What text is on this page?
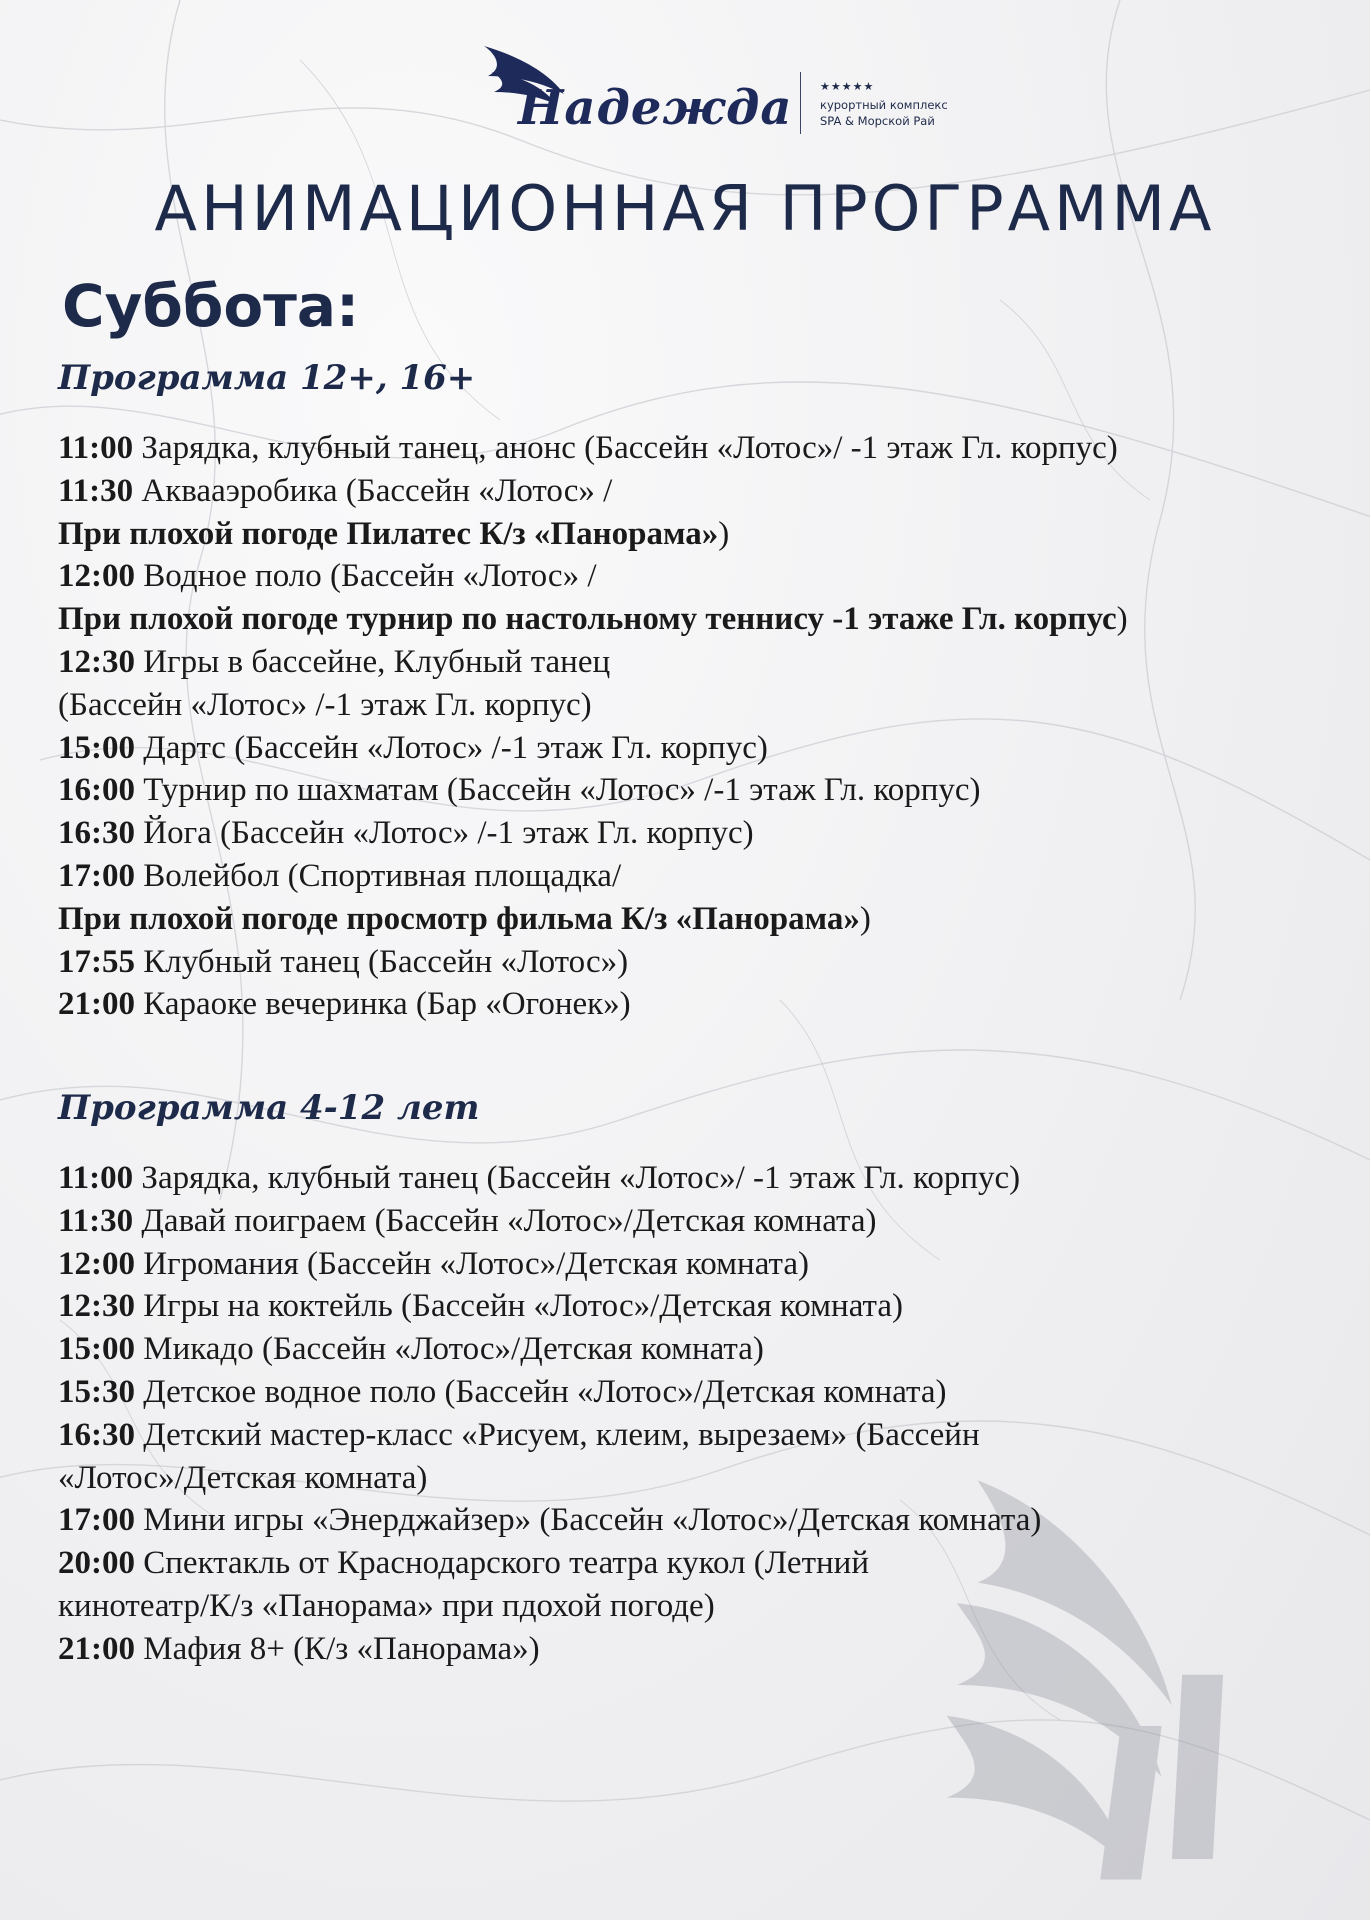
Надежда ★★★★★
курортный комплекс
SPA & Морской Рай
АНИМАЦИОННАЯ ПРОГРАММА
Суббота:
Программа 12+, 16+
11:00 Зарядка, клубный танец, анонс (Бассейн «Лотос»/ -1 этаж Гл. корпус)
11:30 Аквааэробика (Бассейн «Лотос» /
При плохой погоде Пилатес К/з «Панорама»)
12:00 Водное поло (Бассейн «Лотос» /
При плохой погоде турнир по настольному теннису -1 этаже Гл. корпус)
12:30 Игры в бассейне, Клубный танец
(Бассейн «Лотос» /-1 этаж Гл. корпус)
15:00 Дартс (Бассейн «Лотос» /-1 этаж Гл. корпус)
16:00 Турнир по шахматам (Бассейн «Лотос» /-1 этаж Гл. корпус)
16:30 Йога (Бассейн «Лотос» /-1 этаж Гл. корпус)
17:00 Волейбол (Спортивная площадка/
При плохой погоде просмотр фильма К/з «Панорама»)
17:55 Клубный танец (Бассейн «Лотос»)
21:00 Караоке вечеринка (Бар «Огонек»)
Программа 4-12 лет
11:00 Зарядка, клубный танец (Бассейн «Лотос»/ -1 этаж Гл. корпус)
11:30 Давай поиграем (Бассейн «Лотос»/Детская комната)
12:00 Игромания (Бассейн «Лотос»/Детская комната)
12:30 Игры на коктейль (Бассейн «Лотос»/Детская комната)
15:00 Микадо (Бассейн «Лотос»/Детская комната)
15:30 Детское водное поло (Бассейн «Лотос»/Детская комната)
16:30 Детский мастер-класс «Рисуем, клеим, вырезаем» (Бассейн
«Лотос»/Детская комната)
17:00 Мини игры «Энерджайзер» (Бассейн «Лотос»/Детская комната)
20:00 Спектакль от Краснодарского театра кукол (Летний
кинотеатр/К/з «Панорама» при пдохой погоде)
21:00 Мафия 8+ (К/з «Панорама»)
